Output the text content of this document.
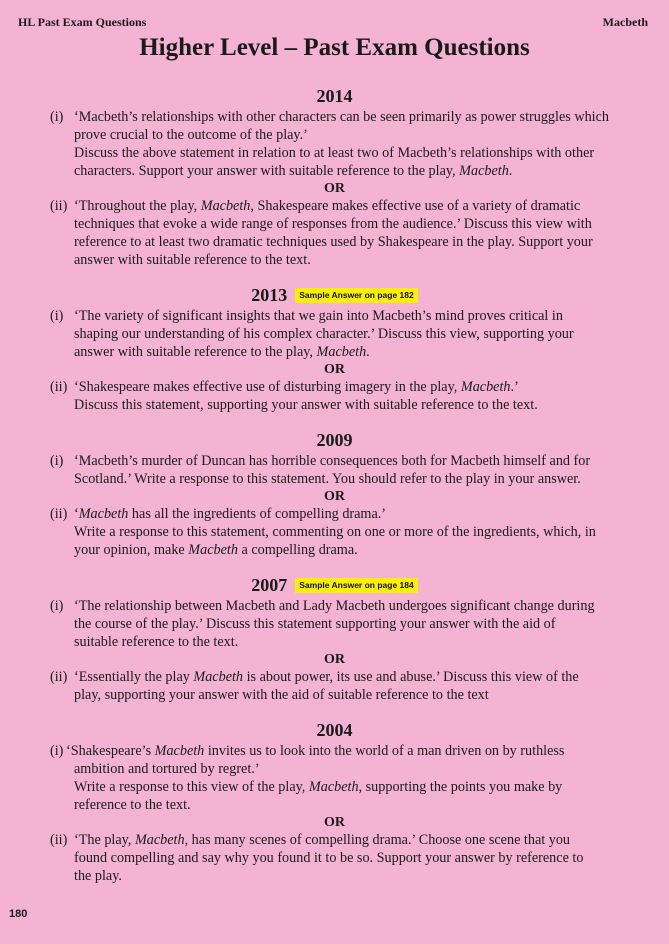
HL Past Exam Questions	Macbeth
Higher Level – Past Exam Questions
2014
(i) ‘Macbeth’s relationships with other characters can be seen primarily as power struggles which
prove crucial to the outcome of the play.’
Discuss the above statement in relation to at least two of Macbeth’s relationships with other
characters. Support your answer with suitable reference to the play, Macbeth.
OR
(ii) ‘Throughout the play, Macbeth, Shakespeare makes effective use of a variety of dramatic
techniques that evoke a wide range of responses from the audience.’ Discuss this view with
reference to at least two dramatic techniques used by Shakespeare in the play. Support your
answer with suitable reference to the text.
2013 Sample Answer on page 182
(i) ‘The variety of significant insights that we gain into Macbeth’s mind proves critical in
shaping our understanding of his complex character.’ Discuss this view, supporting your
answer with suitable reference to the play, Macbeth.
OR
(ii) ‘Shakespeare makes effective use of disturbing imagery in the play, Macbeth.’
Discuss this statement, supporting your answer with suitable reference to the text.
2009
(i) ‘Macbeth’s murder of Duncan has horrible consequences both for Macbeth himself and for
Scotland.’ Write a response to this statement. You should refer to the play in your answer.
OR
(ii) ‘Macbeth has all the ingredients of compelling drama.’
Write a response to this statement, commenting on one or more of the ingredients, which, in
your opinion, make Macbeth a compelling drama.
2007 Sample Answer on page 184
(i) ‘The relationship between Macbeth and Lady Macbeth undergoes significant change during
the course of the play.’ Discuss this statement supporting your answer with the aid of
suitable reference to the text.
OR
(ii) ‘Essentially the play Macbeth is about power, its use and abuse.’ Discuss this view of the
play, supporting your answer with the aid of suitable reference to the text
2004
(i) ‘Shakespeare’s Macbeth invites us to look into the world of a man driven on by ruthless
ambition and tortured by regret.’
Write a response to this view of the play, Macbeth, supporting the points you make by
reference to the text.
OR
(ii) ‘The play, Macbeth, has many scenes of compelling drama.’ Choose one scene that you
found compelling and say why you found it to be so. Support your answer by reference to
the play.
180
